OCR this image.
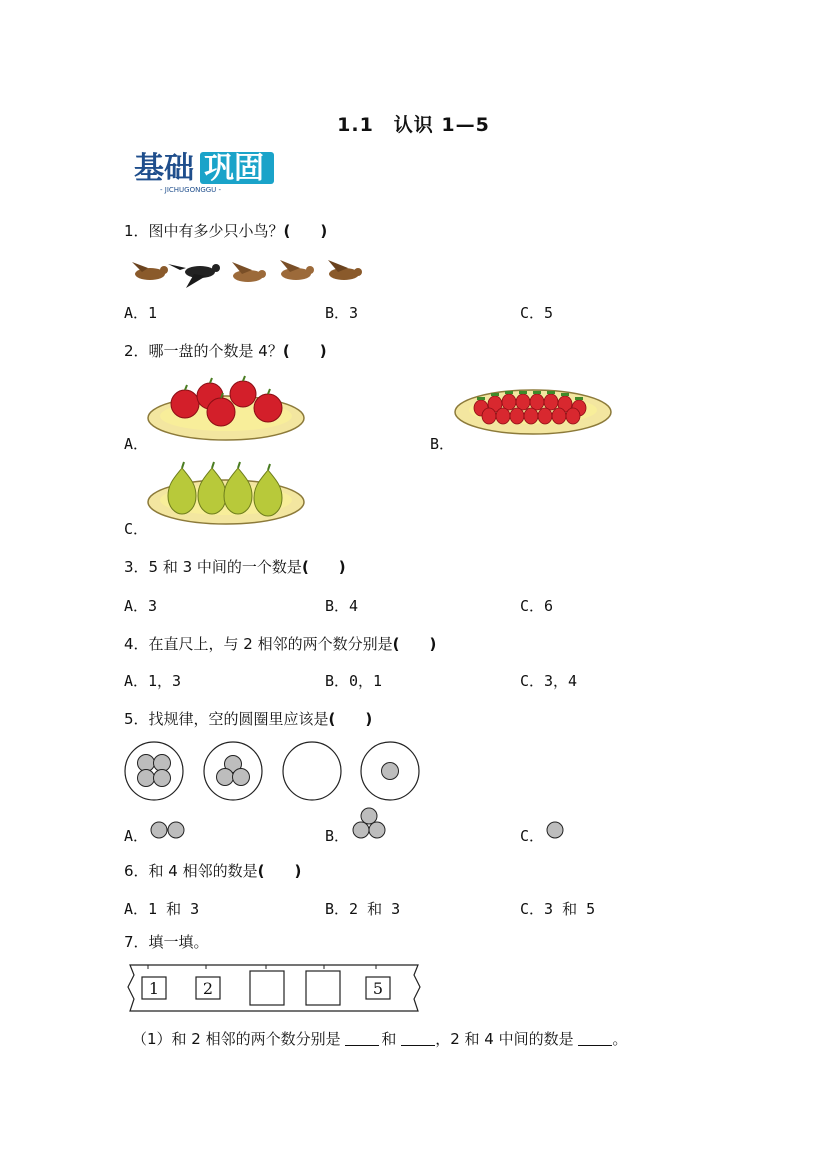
1.1　认识 1—5
基础 巩固
- JICHUGONGGU -
1．图中有多少只小鸟？(　　)
A．1	B．3	C．5
2．哪一盘的个数是 4？(　　)
A．	B．
C．
3．5 和 3 中间的一个数是(　　)
A．3	B．4	C．6
4．在直尺上，与 2 相邻的两个数分别是(　　)
A．1，3	B．0，1	C．3，4
5．找规律，空的圆圈里应该是(　　)
A．	B．	C．
6．和 4 相邻的数是(　　)
A．1 和 3	B．2 和 3	C．3 和 5
7．填一填。
1	2	5
（1）和 2 相邻的两个数分别是 和 ，2 和 4 中间的数是 。
